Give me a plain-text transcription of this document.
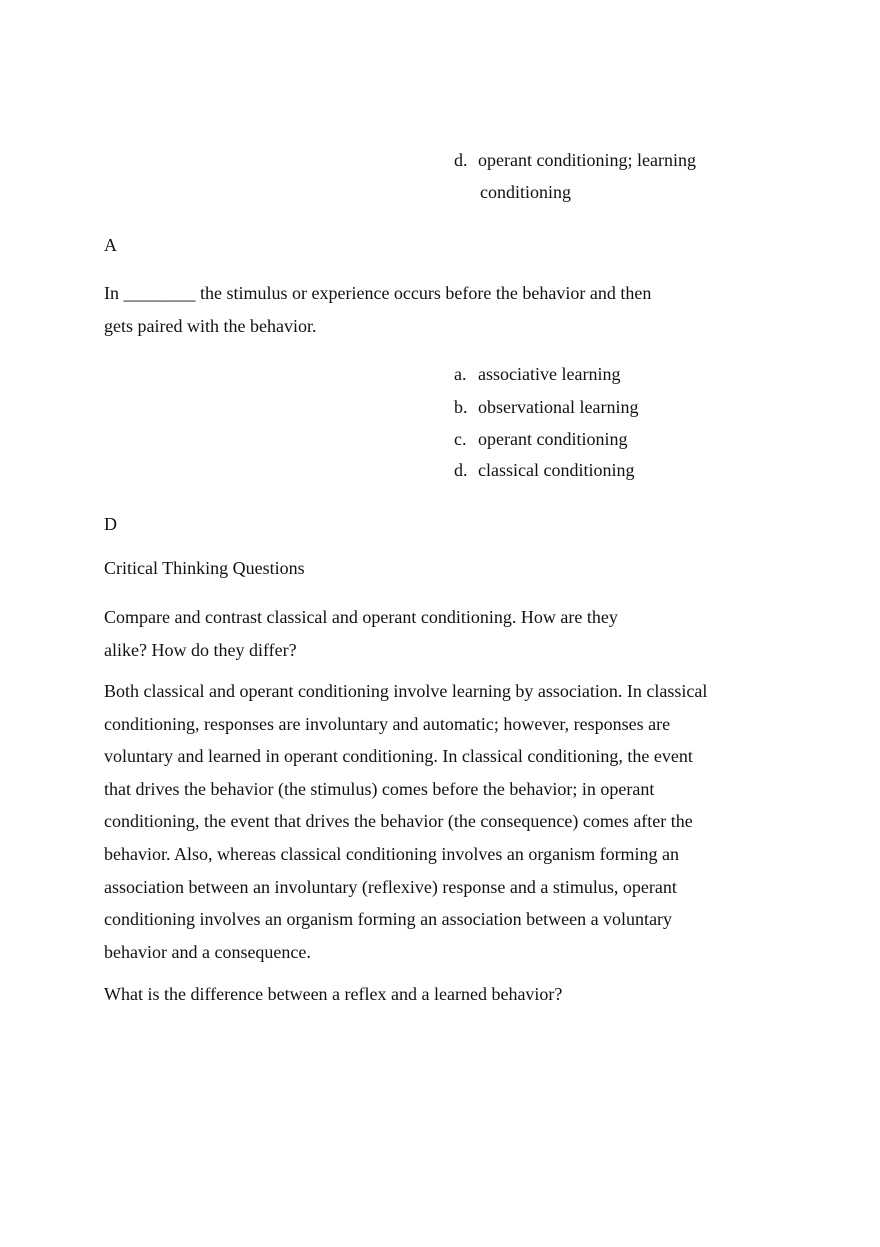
d. operant conditioning; learning
conditioning
A
In ________ the stimulus or experience occurs before the behavior and then gets paired with the behavior.
a. associative learning
b. observational learning
c. operant conditioning
d. classical conditioning
D
Critical Thinking Questions
Compare and contrast classical and operant conditioning. How are they alike? How do they differ?
Both classical and operant conditioning involve learning by association. In classical conditioning, responses are involuntary and automatic; however, responses are voluntary and learned in operant conditioning. In classical conditioning, the event that drives the behavior (the stimulus) comes before the behavior; in operant conditioning, the event that drives the behavior (the consequence) comes after the behavior. Also, whereas classical conditioning involves an organism forming an association between an involuntary (reflexive) response and a stimulus, operant conditioning involves an organism forming an association between a voluntary behavior and a consequence.
What is the difference between a reflex and a learned behavior?
